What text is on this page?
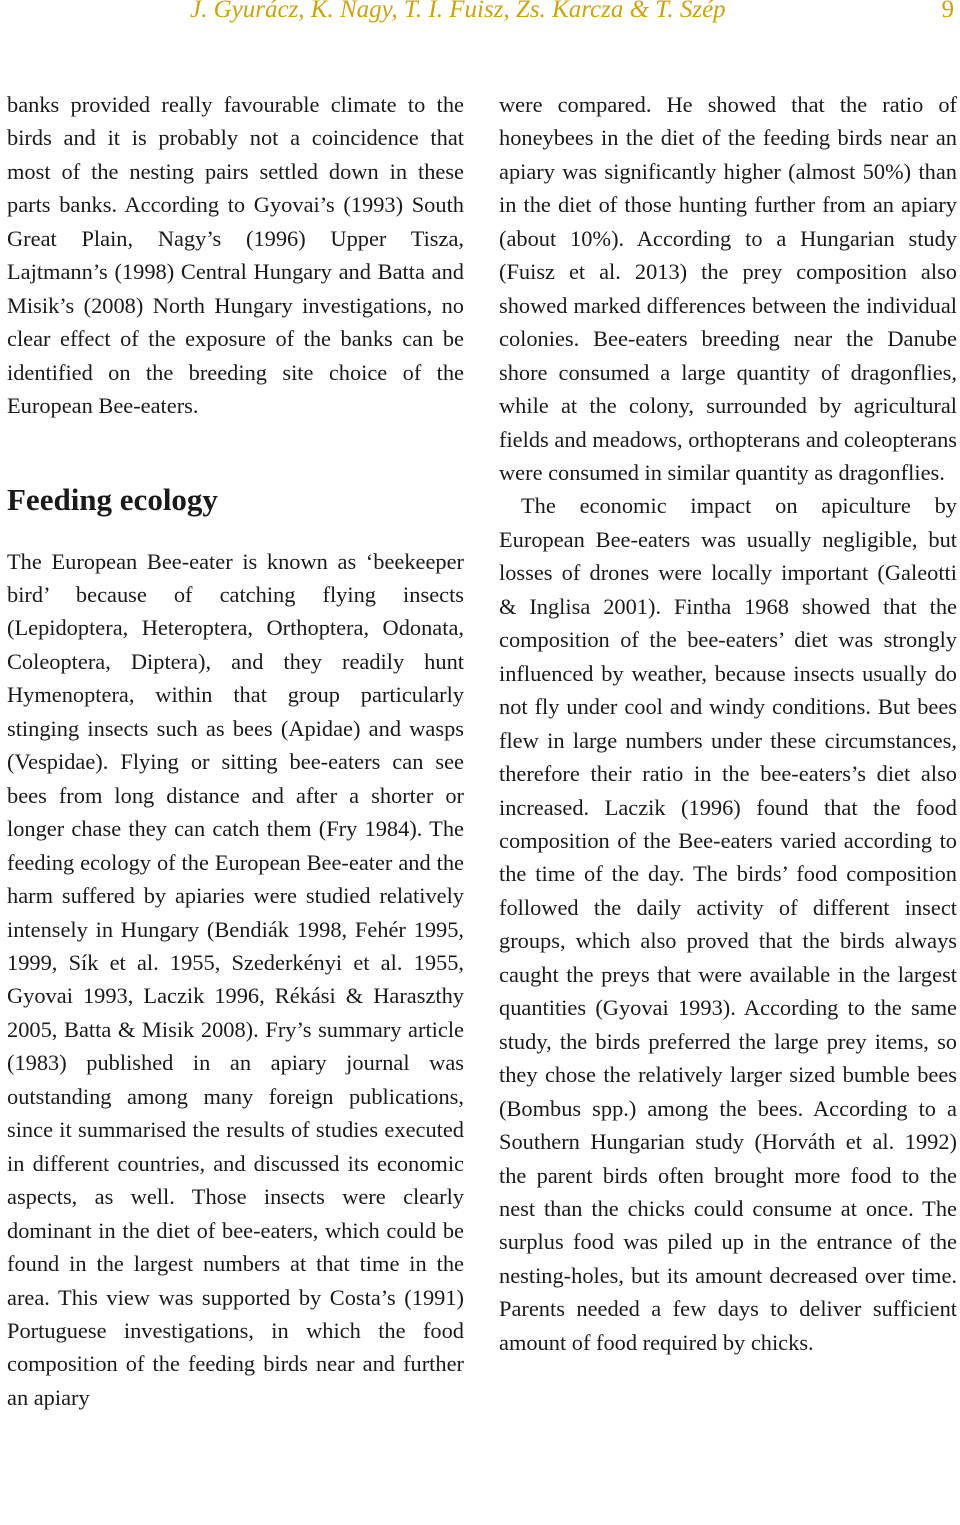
J. Gyurácz, K. Nagy, T. I. Fuisz, Zs. Karcza & T. Szép	9

banks provided really favourable climate to the birds and it is probably not a coincidence that most of the nesting pairs settled down in these parts banks. According to Gyovai’s (1993) South Great Plain, Nagy’s (1996) Upper Tisza, Lajtmann’s (1998) Central Hungary and Batta and Misik’s (2008) North Hungary investigations, no clear effect of the exposure of the banks can be identified on the breeding site choice of the European Bee-eaters.

Feeding ecology

The European Bee-eater is known as ‘beekeeper bird’ because of catching flying insects (Lepidoptera, Heteroptera, Orthoptera, Odonata, Coleoptera, Diptera), and they readily hunt Hymenoptera, within that group particularly stinging insects such as bees (Apidae) and wasps (Vespidae). Flying or sitting bee-eaters can see bees from long distance and after a shorter or longer chase they can catch them (Fry 1984). The feeding ecology of the European Bee-eater and the harm suffered by apiaries were studied relatively intensely in Hungary (Bendiák 1998, Fehér 1995, 1999, Sík et al. 1955, Szederkényi et al. 1955, Gyovai 1993, Laczik 1996, Rékási & Haraszthy 2005, Batta & Misik 2008). Fry’s summary article (1983) published in an apiary journal was outstanding among many foreign publications, since it summarised the results of studies executed in different countries, and discussed its economic aspects, as well. Those insects were clearly dominant in the diet of bee-eaters, which could be found in the largest numbers at that time in the area. This view was supported by Costa’s (1991) Portuguese investigations, in which the food composition of the feeding birds near and further an apiary

were compared. He showed that the ratio of honeybees in the diet of the feeding birds near an apiary was significantly higher (almost 50%) than in the diet of those hunting further from an apiary (about 10%). According to a Hungarian study (Fuisz et al. 2013) the prey composition also showed marked differences between the individual colonies. Bee-eaters breeding near the Danube shore consumed a large quantity of dragonflies, while at the colony, surrounded by agricultural fields and meadows, orthopterans and coleopterans were consumed in similar quantity as dragonflies.

The economic impact on apiculture by European Bee-eaters was usually negligible, but losses of drones were locally important (Galeotti & Inglisa 2001). Fintha 1968 showed that the composition of the bee-eaters’ diet was strongly influenced by weather, because insects usually do not fly under cool and windy conditions. But bees flew in large numbers under these circumstances, therefore their ratio in the bee-eaters’s diet also increased. Laczik (1996) found that the food composition of the Bee-eaters varied according to the time of the day. The birds’ food composition followed the daily activity of different insect groups, which also proved that the birds always caught the preys that were available in the largest quantities (Gyovai 1993). According to the same study, the birds preferred the large prey items, so they chose the relatively larger sized bumble bees (Bombus spp.) among the bees. According to a Southern Hungarian study (Horváth et al. 1992) the parent birds often brought more food to the nest than the chicks could consume at once. The surplus food was piled up in the entrance of the nesting-holes, but its amount decreased over time. Parents needed a few days to deliver sufficient amount of food required by chicks.
